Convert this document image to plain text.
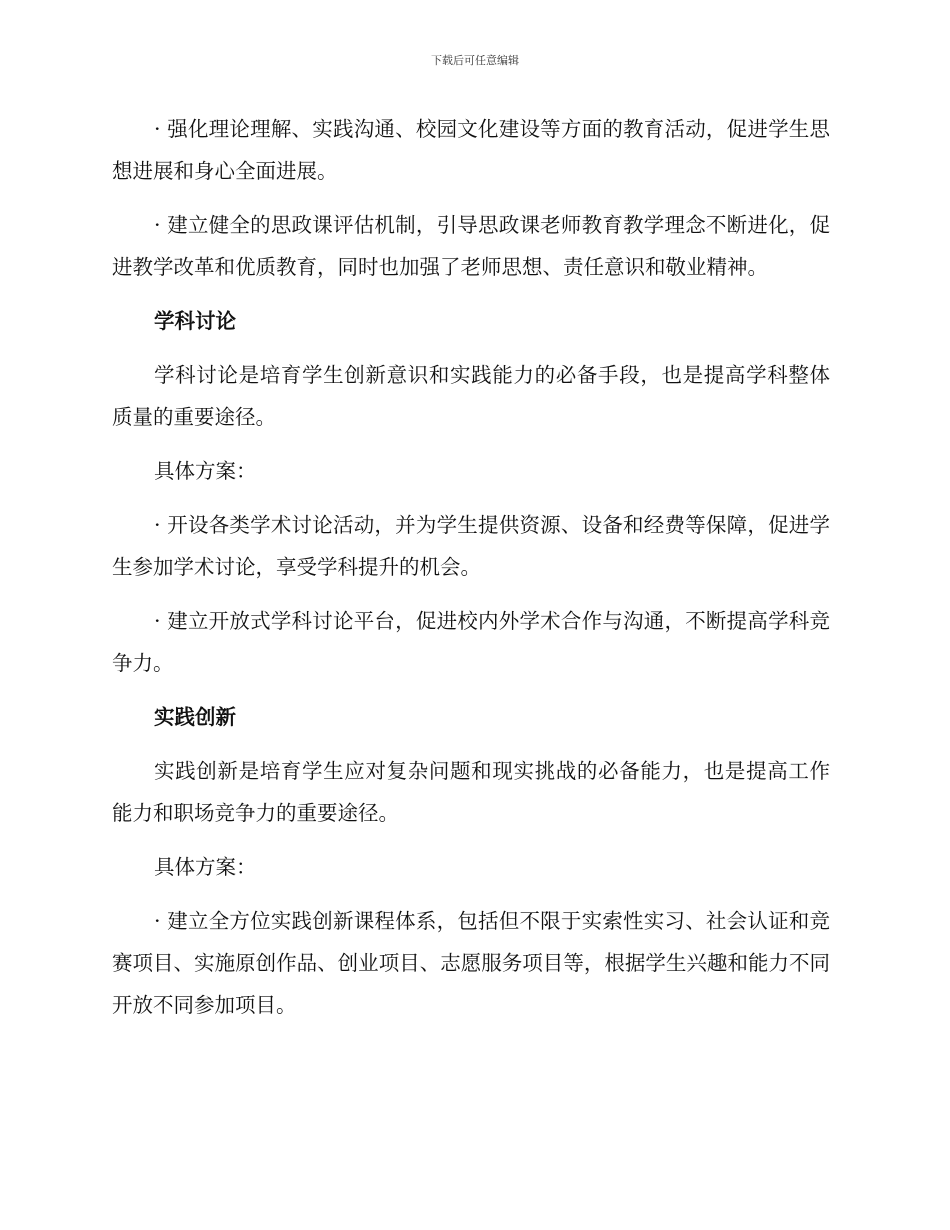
下载后可任意编辑

· 强化理论理解、实践沟通、校园文化建设等方面的教育活动，促进学生思想进展和身心全面进展。

· 建立健全的思政课评估机制，引导思政课老师教育教学理念不断进化，促进教学改革和优质教育，同时也加强了老师思想、责任意识和敬业精神。

学科讨论

学科讨论是培育学生创新意识和实践能力的必备手段，也是提高学科整体质量的重要途径。

具体方案：

· 开设各类学术讨论活动，并为学生提供资源、设备和经费等保障，促进学生参加学术讨论，享受学科提升的机会。

· 建立开放式学科讨论平台，促进校内外学术合作与沟通，不断提高学科竞争力。

实践创新

实践创新是培育学生应对复杂问题和现实挑战的必备能力，也是提高工作能力和职场竞争力的重要途径。

具体方案：

· 建立全方位实践创新课程体系，包括但不限于实索性实习、社会认证和竞赛项目、实施原创作品、创业项目、志愿服务项目等，根据学生兴趣和能力不同开放不同参加项目。
